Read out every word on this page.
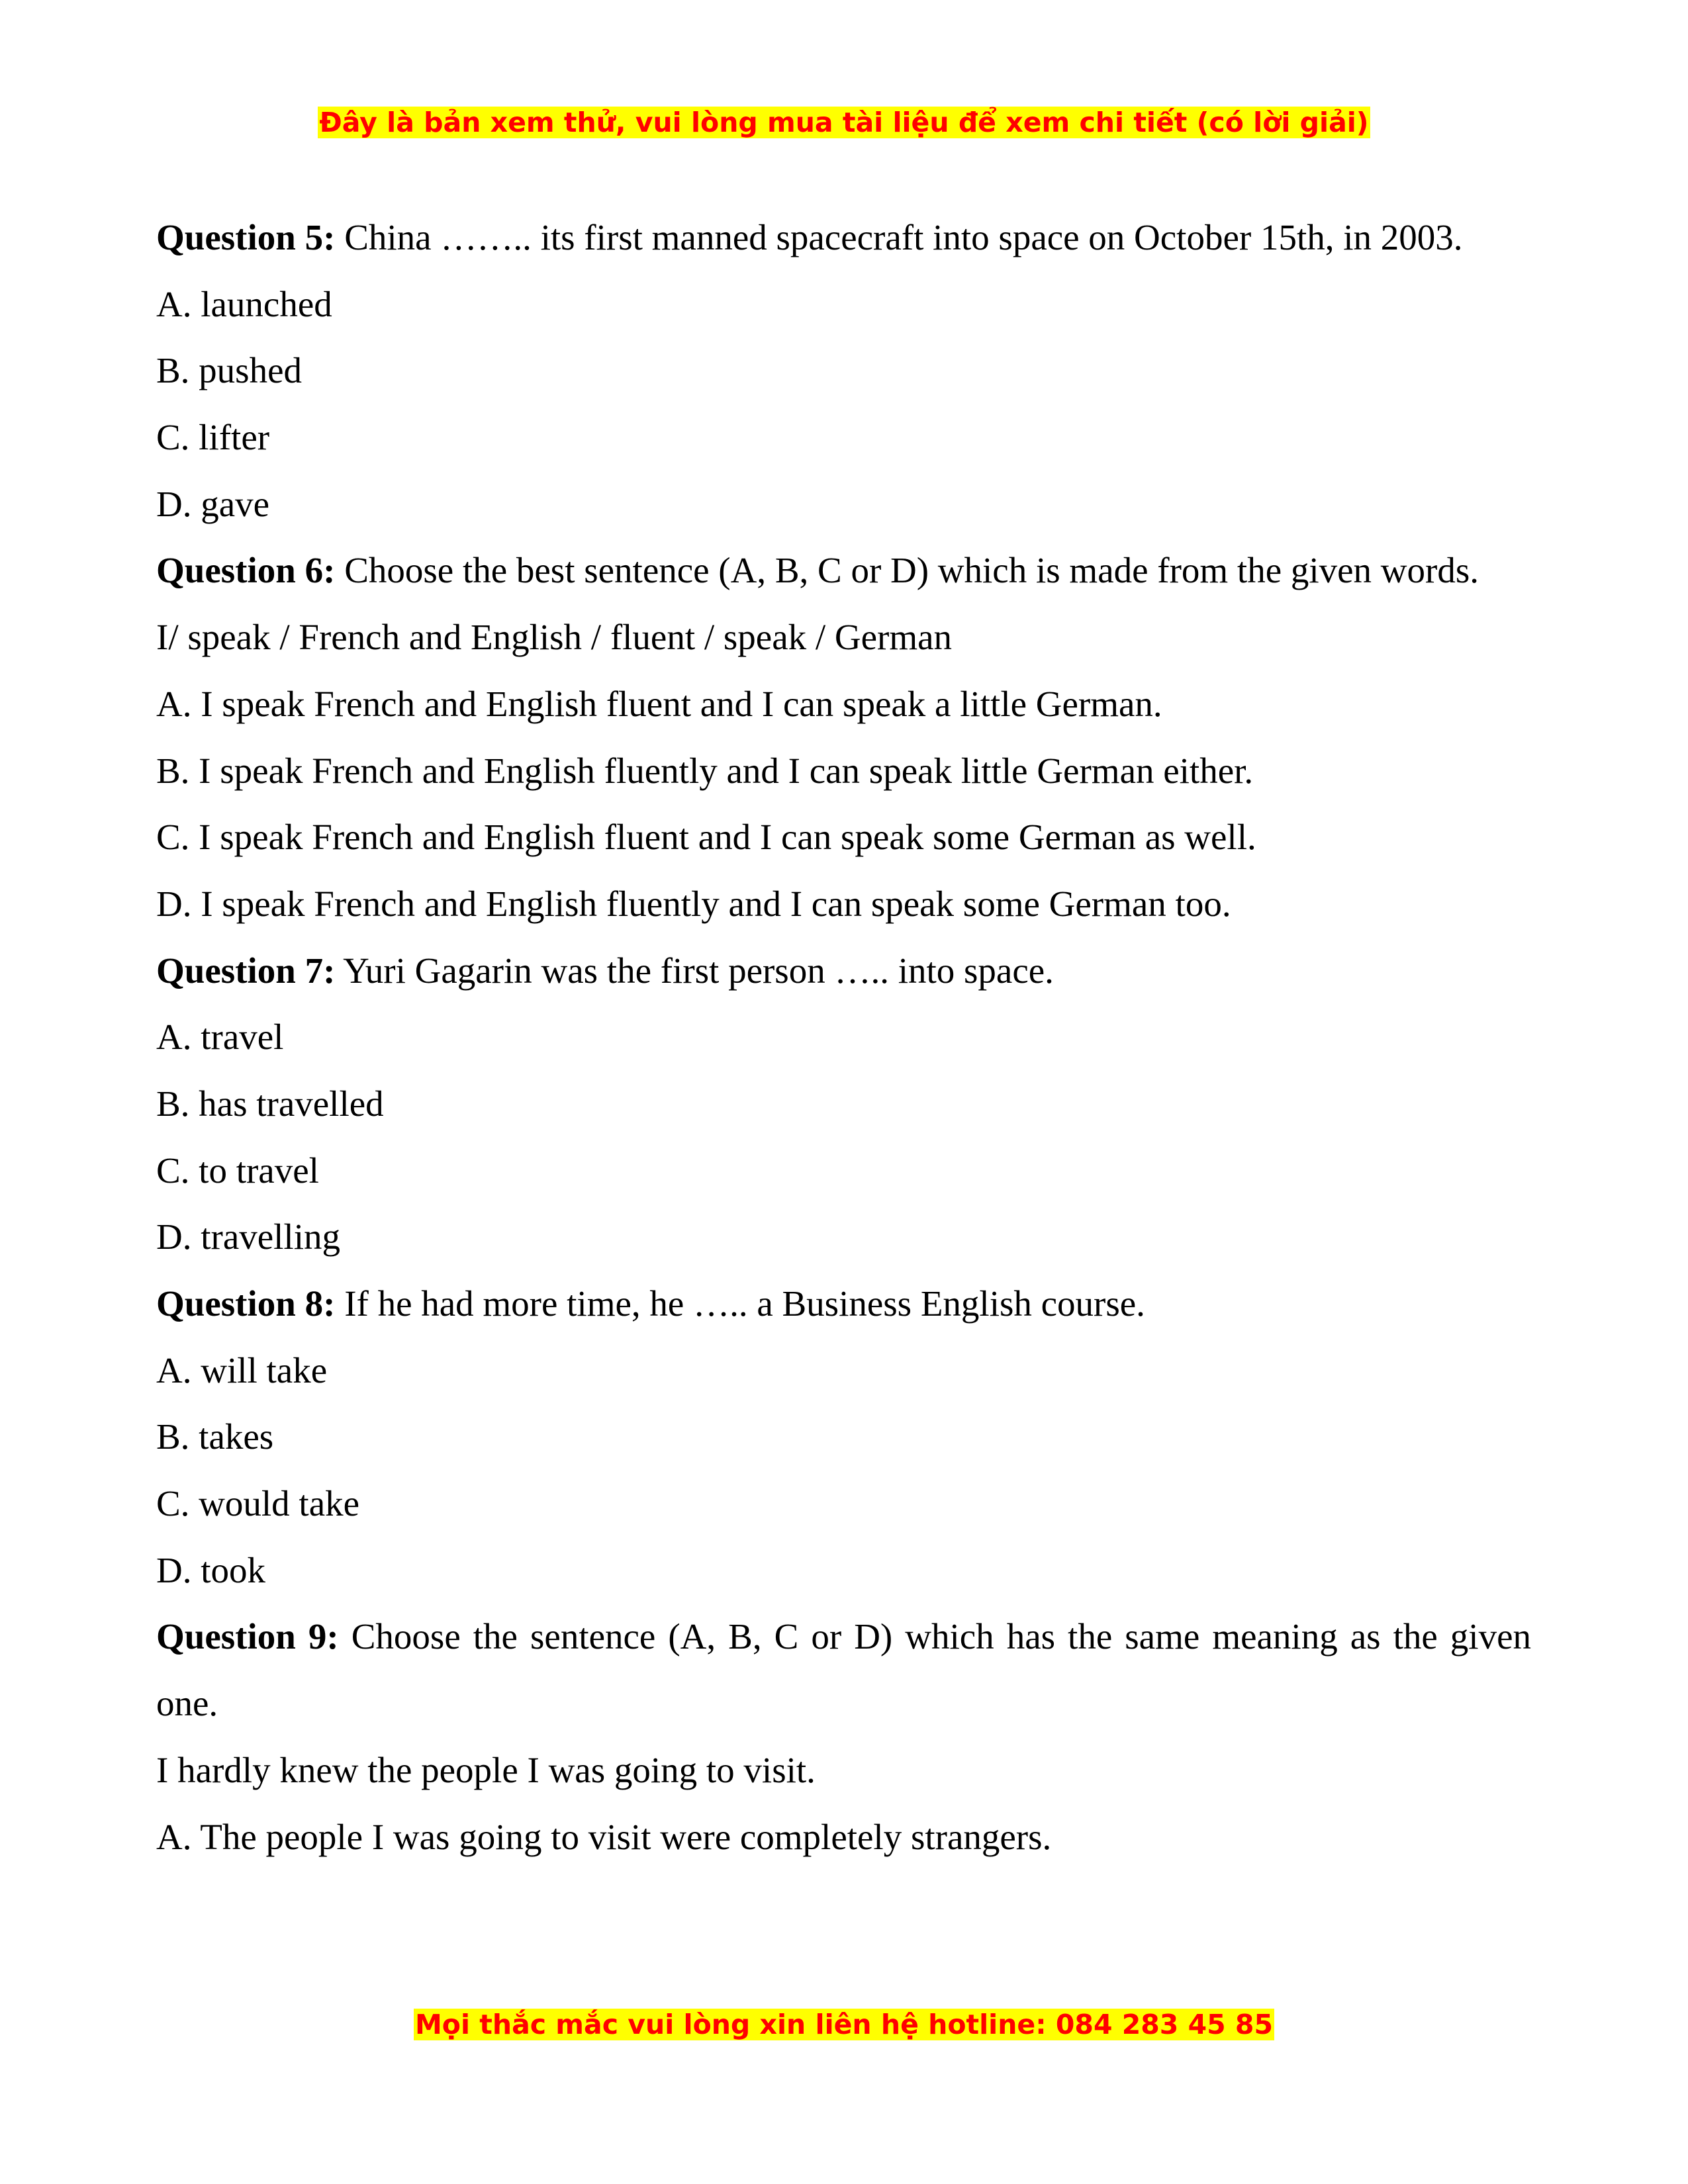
Đây là bản xem thử, vui lòng mua tài liệu để xem chi tiết (có lời giải)
Question 5: China …….. its first manned spacecraft into space on October 15th, in 2003.
A. launched
B. pushed
C. lifter
D. gave
Question 6: Choose the best sentence (A, B, C or D) which is made from the given words.
I/ speak / French and English / fluent / speak / German
A. I speak French and English fluent and I can speak a little German.
B. I speak French and English fluently and I can speak little German either.
C. I speak French and English fluent and I can speak some German as well.
D. I speak French and English fluently and I can speak some German too.
Question 7: Yuri Gagarin was the first person ….. into space.
A. travel
B. has travelled
C. to travel
D. travelling
Question 8: If he had more time, he ….. a Business English course.
A. will take
B. takes
C. would take
D. took
Question 9: Choose the sentence (A, B, C or D) which has the same meaning as the given one.
I hardly knew the people I was going to visit.
A. The people I was going to visit were completely strangers.
Mọi thắc mắc vui lòng xin liên hệ hotline: 084 283 45 85
